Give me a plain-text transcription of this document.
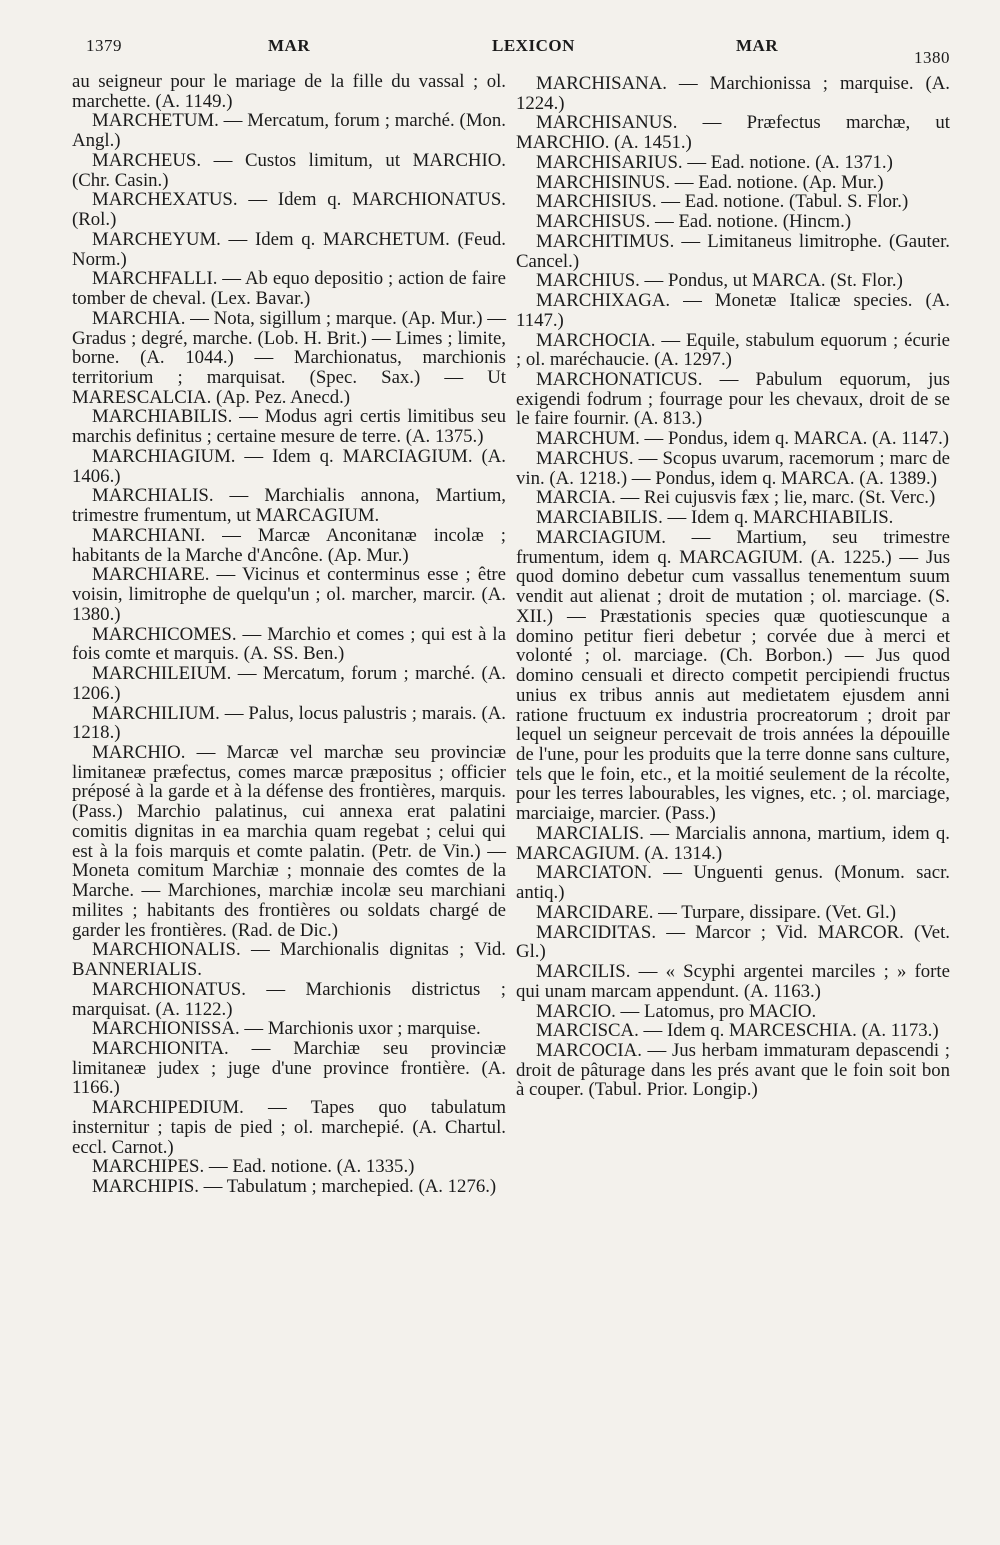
1379	MAR	LEXICON	MAR
1380

au seigneur pour le mariage de la fille du vassal ; ol. marchette. (A. 1149.)

MARCHETUM. — Mercatum, forum ; marché. (Mon. Angl.)

MARCHEUS. — Custos limitum, ut MARCHIO. (Chr. Casin.)

MARCHEXATUS. — Idem q. MARCHIONATUS. (Rol.)

MARCHEYUM. — Idem q. MARCHETUM. (Feud. Norm.)

MARCHFALLI. — Ab equo depositio ; action de faire tomber de cheval. (Lex. Bavar.)

MARCHIA. — Nota, sigillum ; marque. (Ap. Mur.) — Gradus ; degré, marche. (Lob. H. Brit.) — Limes ; limite, borne. (A. 1044.) — Marchionatus, marchionis territorium ; marquisat. (Spec. Sax.) — Ut MARESCALCIA. (Ap. Pez. Anecd.)

MARCHIABILIS. — Modus agri certis limitibus seu marchis definitus ; certaine mesure de terre. (A. 1375.)

MARCHIAGIUM. — Idem q. MARCIAGIUM. (A. 1406.)

MARCHIALIS. — Marchialis annona, Martium, trimestre frumentum, ut MARCAGIUM.

MARCHIANI. — Marcæ Anconitanæ incolæ ; habitants de la Marche d'Ancône. (Ap. Mur.)

MARCHIARE. — Vicinus et conterminus esse ; être voisin, limitrophe de quelqu'un ; ol. marcher, marcir. (A. 1380.)

MARCHICOMES. — Marchio et comes ; qui est à la fois comte et marquis. (A. SS. Ben.)

MARCHILEIUM. — Mercatum, forum ; marché. (A. 1206.)

MARCHILIUM. — Palus, locus palustris ; marais. (A. 1218.)

MARCHIO. — Marcæ vel marchæ seu provinciæ limitaneæ præfectus, comes marcæ præpositus ; officier préposé à la garde et à la défense des frontières, marquis. (Pass.) Marchio palatinus, cui annexa erat palatini comitis dignitas in ea marchia quam regebat ; celui qui est à la fois marquis et comte palatin. (Petr. de Vin.) — Moneta comitum Marchiæ ; monnaie des comtes de la Marche. — Marchiones, marchiæ incolæ seu marchiani milites ; habitants des frontières ou soldats chargé de garder les frontières. (Rad. de Dic.)

MARCHIONALIS. — Marchionalis dignitas ; Vid. BANNERIALIS.

MARCHIONATUS. — Marchionis districtus ; marquisat. (A. 1122.)

MARCHIONISSA. — Marchionis uxor ; marquise.

MARCHIONITA. — Marchiæ seu provinciæ limitaneæ judex ; juge d'une province frontière. (A. 1166.)

MARCHIPEDIUM. — Tapes quo tabulatum insternitur ; tapis de pied ; ol. marchepié. (A. Chartul. eccl. Carnot.)

MARCHIPES. — Ead. notione. (A. 1335.)

MARCHIPIS. — Tabulatum ; marchepied. (A. 1276.)

MARCHISANA. — Marchionissa ; marquise. (A. 1224.)

MARCHISANUS. — Præfectus marchæ, ut MARCHIO. (A. 1451.)

MARCHISARIUS. — Ead. notione. (A. 1371.)

MARCHISINUS. — Ead. notione. (Ap. Mur.)

MARCHISIUS. — Ead. notione. (Tabul. S. Flor.)

MARCHISUS. — Ead. notione. (Hincm.)

MARCHITIMUS. — Limitaneus limitrophe. (Gauter. Cancel.)

MARCHIUS. — Pondus, ut MARCA. (St. Flor.)

MARCHIXAGA. — Monetæ Italicæ species. (A. 1147.)

MARCHOCIA. — Equile, stabulum equorum ; écurie ; ol. maréchaucie. (A. 1297.)

MARCHONATICUS. — Pabulum equorum, jus exigendi fodrum ; fourrage pour les chevaux, droit de se le faire fournir. (A. 813.)

MARCHUM. — Pondus, idem q. MARCA. (A. 1147.)

MARCHUS. — Scopus uvarum, racemorum ; marc de vin. (A. 1218.) — Pondus, idem q. MARCA. (A. 1389.)

MARCIA. — Rei cujusvis fæx ; lie, marc. (St. Verc.)

MARCIABILIS. — Idem q. MARCHIABILIS.

MARCIAGIUM. — Martium, seu trimestre frumentum, idem q. MARCAGIUM. (A. 1225.) — Jus quod domino debetur cum vassallus tenementum suum vendit aut alienat ; droit de mutation ; ol. marciage. (S. XII.) — Præstationis species quæ quotiescunque a domino petitur fieri debetur ; corvée due à merci et volonté ; ol. marciage. (Ch. Borbon.) — Jus quod domino censuali et directo competit percipiendi fructus unius ex tribus annis aut medietatem ejusdem anni ratione fructuum ex industria procreatorum ; droit par lequel un seigneur percevait de trois années la dépouille de l'une, pour les produits que la terre donne sans culture, tels que le foin, etc., et la moitié seulement de la récolte, pour les terres labourables, les vignes, etc. ; ol. marciage, marciaige, marcier. (Pass.)

MARCIALIS. — Marcialis annona, martium, idem q. MARCAGIUM. (A. 1314.)

MARCIATON. — Unguenti genus. (Monum. sacr. antiq.)

MARCIDARE. — Turpare, dissipare. (Vet. Gl.)

MARCIDITAS. — Marcor ; Vid. MARCOR. (Vet. Gl.)

MARCILIS. — « Scyphi argentei marciles ; » forte qui unam marcam appendunt. (A. 1163.)

MARCIO. — Latomus, pro MACIO.

MARCISCA. — Idem q. MARCESCHIA. (A. 1173.)

MARCOCIA. — Jus herbam immaturam depascendi ; droit de pâturage dans les prés avant que le foin soit bon à couper. (Tabul. Prior. Longip.)
